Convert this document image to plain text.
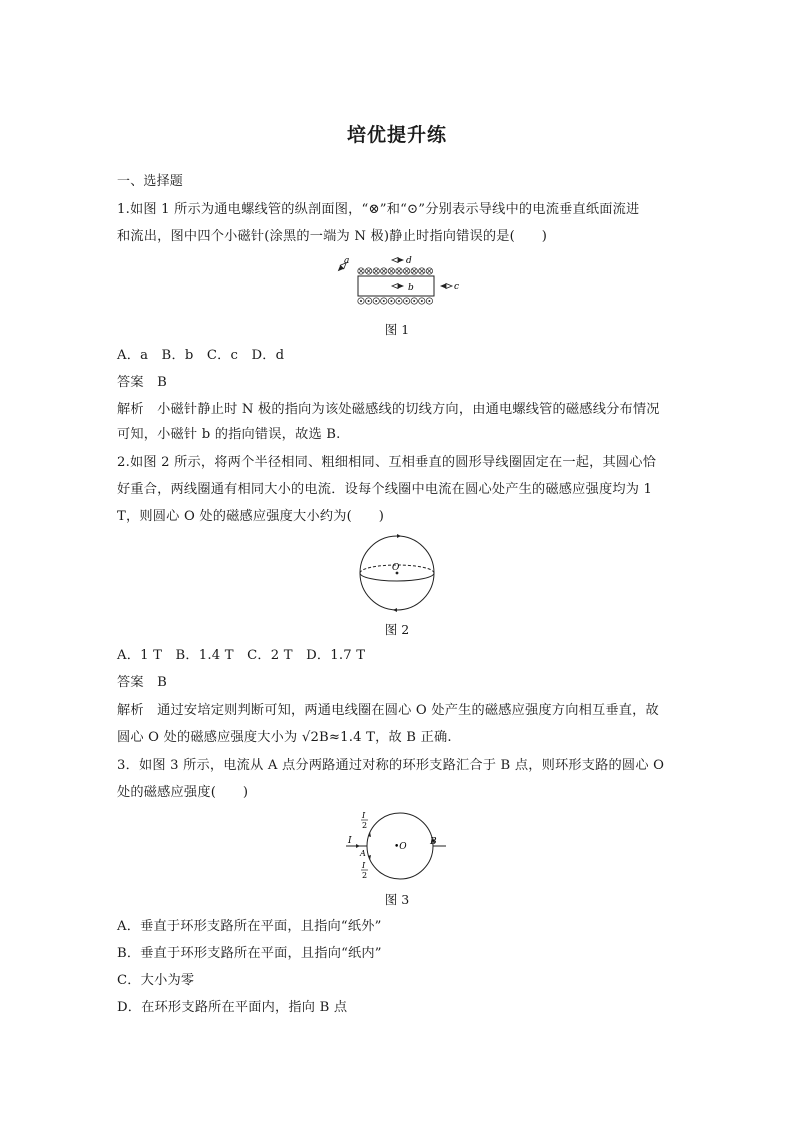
培优提升练
一、选择题
1.如图 1 所示为通电螺线管的纵剖面图，“⊗”和“⊙”分别表示导线中的电流垂直纸面流进
和流出，图中四个小磁针(涂黑的一端为 N 极)静止时指向错误的是(　　)
a	d
b	c
图 1
A．a　B．b　C．c　D．d
答案　B
解析　小磁针静止时 N 极的指向为该处磁感线的切线方向，由通电螺线管的磁感线分布情况
可知，小磁针 b 的指向错误，故选 B.
2.如图 2 所示，将两个半径相同、粗细相同、互相垂直的圆形导线圈固定在一起，其圆心恰
好重合，两线圈通有相同大小的电流．设每个线圈中电流在圆心处产生的磁感应强度均为 1
T，则圆心 O 处的磁感应强度大小约为(　　)
O
图 2
A．1 T　B．1.4 T　C．2 T　D．1.7 T
答案　B
解析　通过安培定则判断可知，两通电线圈在圆心 O 处产生的磁感应强度方向相互垂直，故
圆心 O 处的磁感应强度大小为 √2B≈1.4 T，故 B 正确.
3．如图 3 所示，电流从 A 点分两路通过对称的环形支路汇合于 B 点，则环形支路的圆心 O
处的磁感应强度(　　)
I
I
2
I
2
A
B
•O
图 3
A．垂直于环形支路所在平面，且指向“纸外”
B．垂直于环形支路所在平面，且指向“纸内”
C．大小为零
D．在环形支路所在平面内，指向 B 点
